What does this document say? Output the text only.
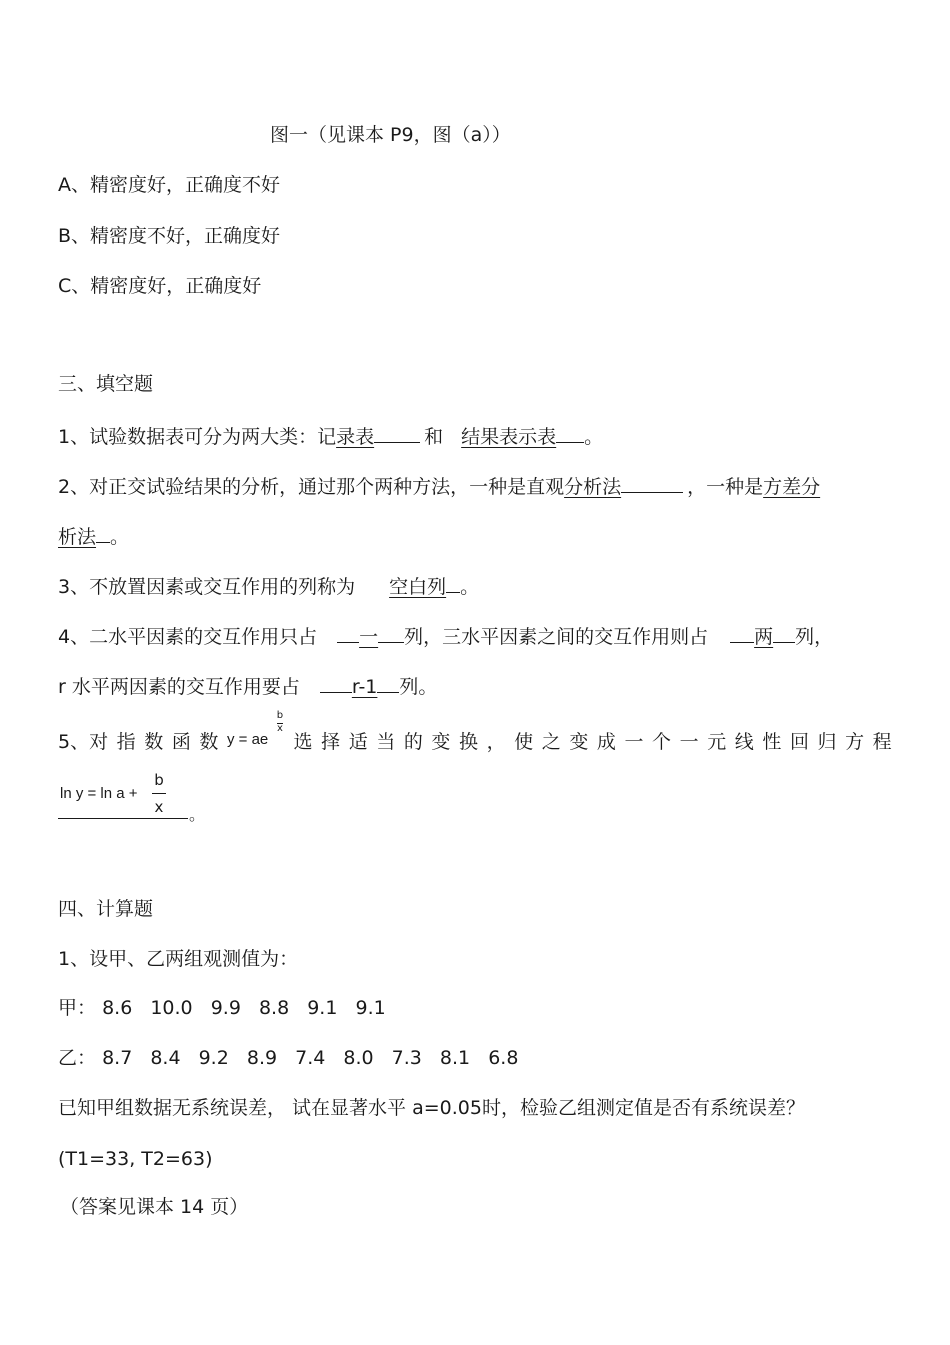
图一（见课本 P9，图（a））
A、精密度好，正确度不好
B、精密度不好，正确度好
C、精密度好，正确度好
三、填空题
1、试验数据表可分为两大类：记录表	和 结果表示表 。
2、对正交试验结果的分析，通过那个两种方法，一种是直观分析法	，一种是方差分
析法 。
3、不放置因素或交互作用的列称为 空白列 。
4、二水平因素的交互作用只占 一 列，三水平因素之间的交互作用则占 两 列，
r 水平两因素的交互作用要占	r-1 列。
5、对 指 数 函 数 y = ae
b
x
选 择 适 当 的 变 换 ， 使 之 变 成 一 个 一 元 线 性 回 归 方 程
ln y = ln a +
b
x 。
四、计算题
1、设甲、乙两组观测值为：
甲： 8.6 10.0 9.9 8.8 9.1 9.1
乙： 8.7 8.4 9.2 8.9 7.4 8.0 7.3 8.1 6.8
已知甲组数据无系统误差， 试在显著水平 a=0.05时，检验乙组测定值是否有系统误差？
(T1=33, T2=63)
（答案见课本 14 页）
